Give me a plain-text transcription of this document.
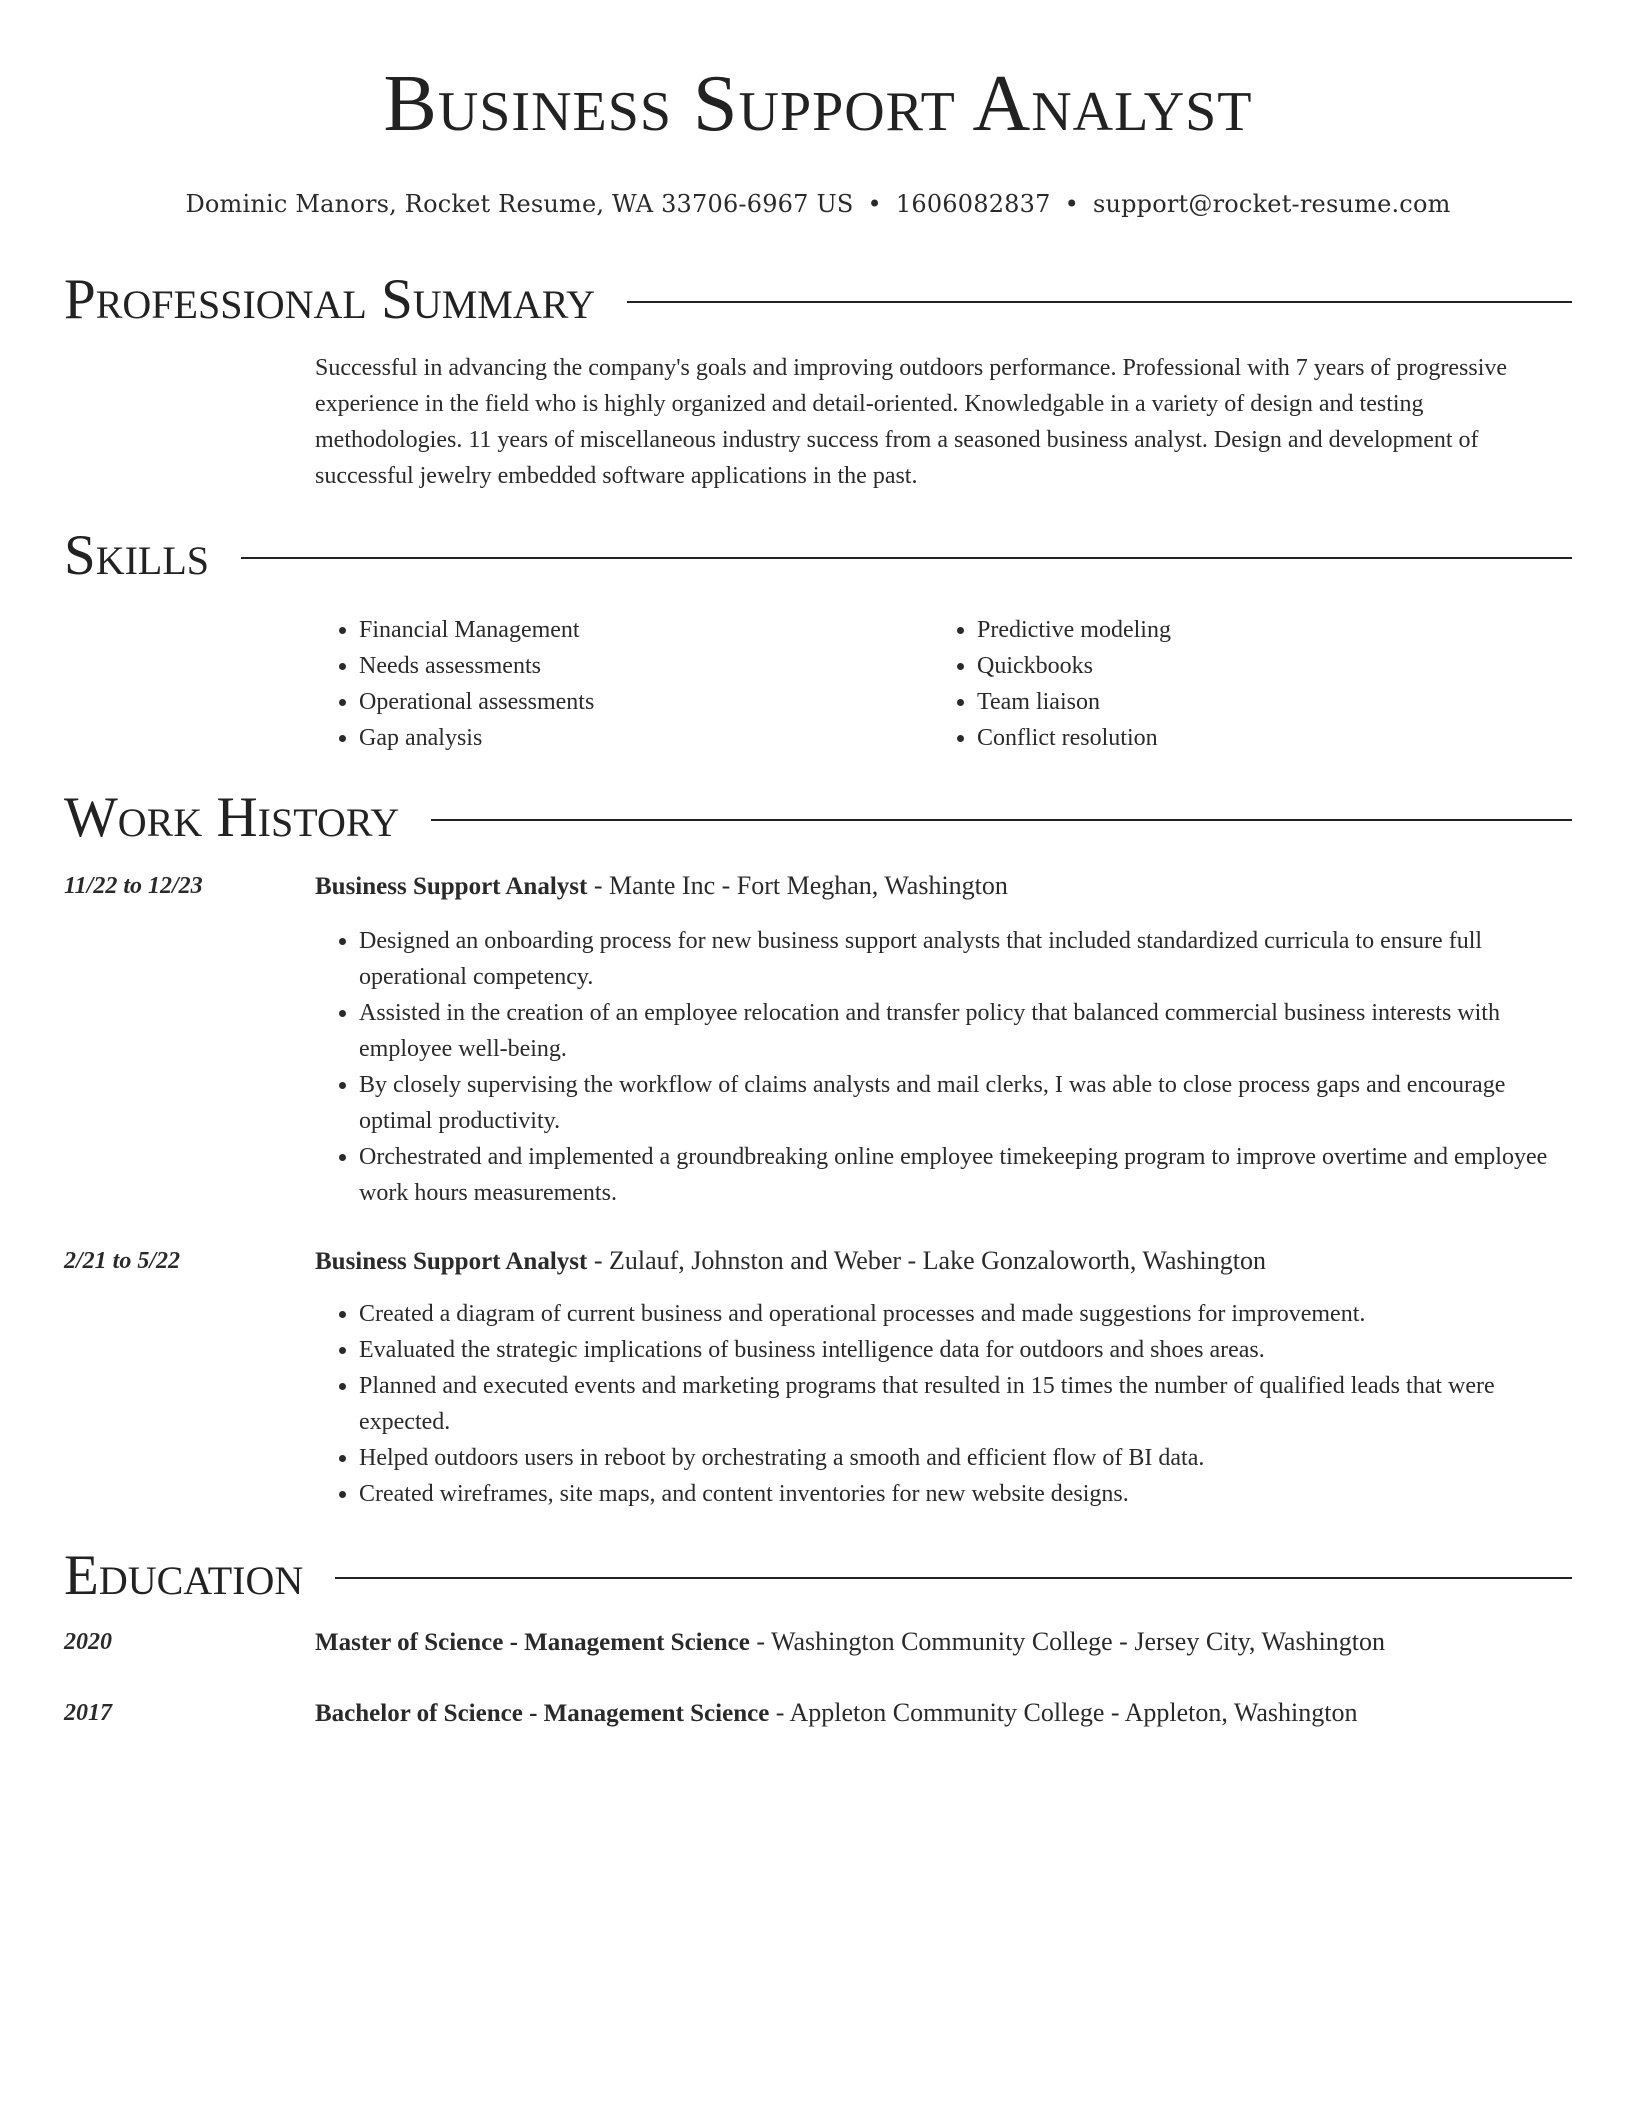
Business Support Analyst
Dominic Manors, Rocket Resume, WA 33706-6967 US • 1606082837 • support@rocket-resume.com
Professional Summary
Successful in advancing the company's goals and improving outdoors performance. Professional with 7 years of progressive experience in the field who is highly organized and detail-oriented. Knowledgable in a variety of design and testing methodologies. 11 years of miscellaneous industry success from a seasoned business analyst. Design and development of successful jewelry embedded software applications in the past.
Skills
• Financial Management
• Needs assessments
• Operational assessments
• Gap analysis
• Predictive modeling
• Quickbooks
• Team liaison
• Conflict resolution
Work History
11/22 to 12/23	Business Support Analyst - Mante Inc - Fort Meghan, Washington
• Designed an onboarding process for new business support analysts that included standardized curricula to ensure full operational competency.
• Assisted in the creation of an employee relocation and transfer policy that balanced commercial business interests with employee well-being.
• By closely supervising the workflow of claims analysts and mail clerks, I was able to close process gaps and encourage optimal productivity.
• Orchestrated and implemented a groundbreaking online employee timekeeping program to improve overtime and employee work hours measurements.
2/21 to 5/22	Business Support Analyst - Zulauf, Johnston and Weber - Lake Gonzaloworth, Washington
• Created a diagram of current business and operational processes and made suggestions for improvement.
• Evaluated the strategic implications of business intelligence data for outdoors and shoes areas.
• Planned and executed events and marketing programs that resulted in 15 times the number of qualified leads that were expected.
• Helped outdoors users in reboot by orchestrating a smooth and efficient flow of BI data.
• Created wireframes, site maps, and content inventories for new website designs.
Education
2020	Master of Science - Management Science - Washington Community College - Jersey City, Washington
2017	Bachelor of Science - Management Science - Appleton Community College - Appleton, Washington
